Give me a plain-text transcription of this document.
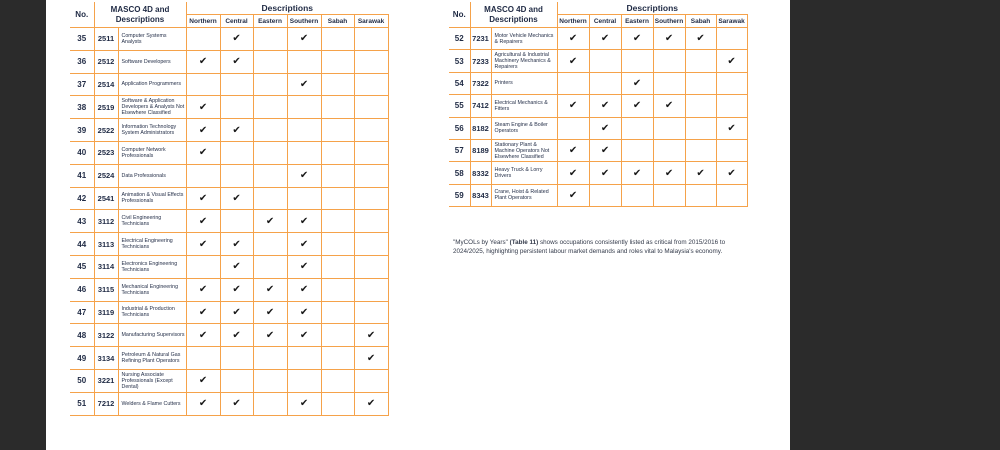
No.	MASCO 4D and Descriptions		Descriptions					
			Northern	Central	Eastern	Southern	Sabah	Sarawak
35	2511	Computer Systems Analysts		✔		✔		
36	2512	Software Developers	✔	✔				
37	2514	Application Programmers				✔		
38	2519	Software & Application Developers & Analysts Not Elsewhere Classified	✔					
39	2522	Information Technology System Administrators	✔	✔				
40	2523	Computer Network Professionals	✔					
41	2524	Data Professionals				✔		
42	2541	Animation & Visual Effects Professionals	✔	✔				
43	3112	Civil Engineering Technicians	✔		✔	✔		
44	3113	Electrical Engineering Technicians	✔	✔		✔		
45	3114	Electronics Engineering Technicians		✔		✔		
46	3115	Mechanical Engineering Technicians	✔	✔	✔	✔		
47	3119	Industrial & Production Technicians	✔	✔	✔	✔		
48	3122	Manufacturing Supervisors	✔	✔	✔	✔		✔
49	3134	Petroleum & Natural Gas Refining Plant Operators						✔
50	3221	Nursing Associate Professionals (Except Dental)	✔					
51	7212	Welders & Flame Cutters	✔	✔		✔		✔
No.	MASCO 4D and Descriptions		Descriptions					
			Northern	Central	Eastern	Southern	Sabah	Sarawak
52	7231	Motor Vehicle Mechanics & Repairers	✔	✔	✔	✔	✔	
53	7233	Agricultural & Industrial Machinery Mechanics & Repairers	✔					✔
54	7322	Printers			✔			
55	7412	Electrical Mechanics & Fitters	✔	✔	✔	✔		
56	8182	Steam Engine & Boiler Operators		✔				✔
57	8189	Stationary Plant & Machine Operators Not Elsewhere Classified	✔	✔				
58	8332	Heavy Truck & Lorry Drivers	✔	✔	✔	✔	✔	✔
59	8343	Crane, Hoist & Related Plant Operators	✔					

"MyCOLs by Years" (Table 11) shows occupations consistently listed as critical from 2015/2016 to 2024/2025, highlighting persistent labour market demands and roles vital to Malaysia's economy.
